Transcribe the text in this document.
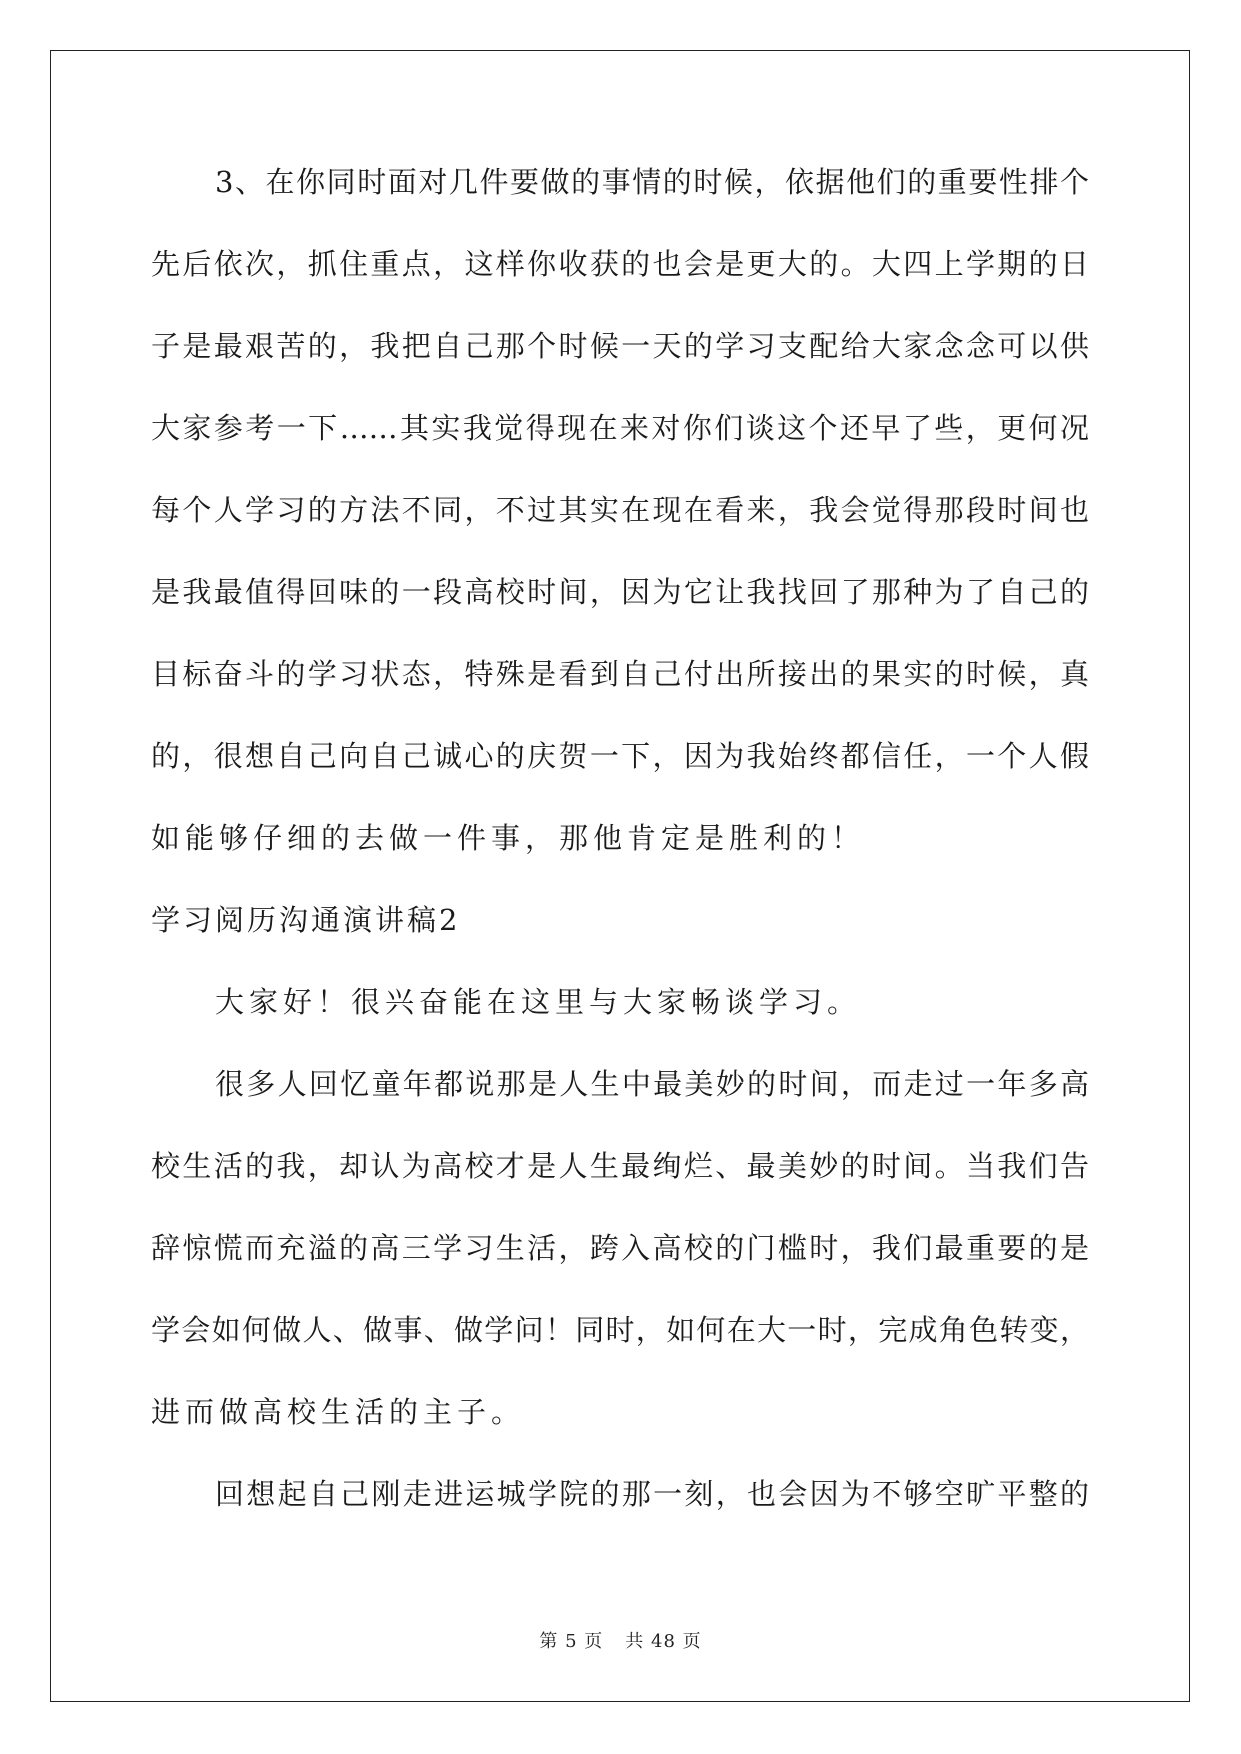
3、在你同时面对几件要做的事情的时候，依据他们的重要性排个
先后依次，抓住重点，这样你收获的也会是更大的。大四上学期的日
子是最艰苦的，我把自己那个时候一天的学习支配给大家念念可以供
大家参考一下……其实我觉得现在来对你们谈这个还早了些，更何况
每个人学习的方法不同，不过其实在现在看来，我会觉得那段时间也
是我最值得回味的一段高校时间，因为它让我找回了那种为了自己的
目标奋斗的学习状态，特殊是看到自己付出所接出的果实的时候，真
的，很想自己向自己诚心的庆贺一下，因为我始终都信任，一个人假
如能够仔细的去做一件事，那他肯定是胜利的！
学习阅历沟通演讲稿2
大家好！很兴奋能在这里与大家畅谈学习。
很多人回忆童年都说那是人生中最美妙的时间，而走过一年多高
校生活的我，却认为高校才是人生最绚烂、最美妙的时间。当我们告
辞惊慌而充溢的高三学习生活，跨入高校的门槛时，我们最重要的是
学会如何做人、做事、做学问！同时，如何在大一时，完成角色转变，
进而做高校生活的主子。
回想起自己刚走进运城学院的那一刻，也会因为不够空旷平整的
第 5 页 共 48 页
